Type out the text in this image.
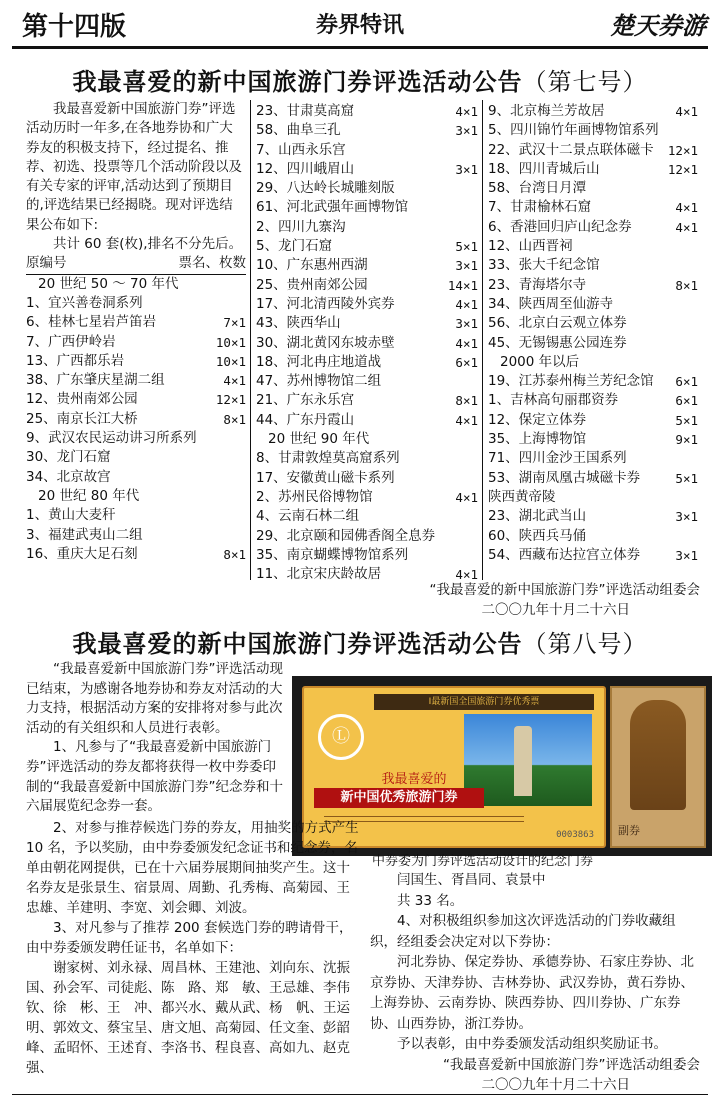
第十四版	券界特讯	楚天券游
我最喜爱的新中国旅游门券评选活动公告（第七号）

我最喜爱新中国旅游门券”评选活动历时一年多,在各地券协和广大券友的积极支持下，经过提名、推荐、初选、投票等几个活动阶段以及有关专家的评审,活动达到了预期目的,评选结果已经揭晓。现对评选结果公布如下:

共计 60 套(枚),排名不分先后。

原编号	票名、枚数
20 世纪 50 ～ 70 年代
1、宜兴善卷洞系列
6、桂林七星岩芦笛岩	7×1
7、广西伊岭岩	10×1
13、广西都乐岩	10×1
38、广东肇庆星湖二组	4×1
12、贵州南郊公园	12×1
25、南京长江大桥	8×1
9、武汉农民运动讲习所系列
30、龙门石窟
34、北京故宫
20 世纪 80 年代
1、黄山大麦秆
3、福建武夷山二组
16、重庆大足石刻	8×1
23、甘肃莫高窟	4×1
58、曲阜三孔	3×1
7、山西永乐宫
12、四川峨眉山	3×1
29、八达岭长城雕刻版
61、河北武强年画博物馆
2、四川九寨沟
5、龙门石窟	5×1
10、广东惠州西湖	3×1
25、贵州南郊公园	14×1
17、河北清西陵外宾券	4×1
43、陕西华山	3×1
30、湖北黄冈东坡赤壁	4×1
18、河北冉庄地道战	6×1
47、苏州博物馆二组
21、广东永乐宫	8×1
44、广东丹霞山	4×1
20 世纪 90 年代
8、甘肃敦煌莫高窟系列
17、安徽黄山磁卡系列
2、苏州民俗博物馆	4×1
4、云南石林二组
29、北京颐和园佛香阁全息券
35、南京蝴蝶博物馆系列
11、北京宋庆龄故居	4×1
9、北京梅兰芳故居	4×1
5、四川锦竹年画博物馆系列
22、武汉十二景点联体磁卡 12×1
18、四川青城后山	12×1
58、台湾日月潭
7、甘肃榆林石窟	4×1
6、香港回归庐山纪念券	4×1
12、山西晋祠
33、张大千纪念馆
23、青海塔尔寺	8×1
34、陕西周至仙游寺
56、北京白云观立体券
45、无锡锡惠公园连券
2000 年以后
19、江苏泰州梅兰芳纪念馆 6×1
1、吉林高句丽郡资券	6×1
12、保定立体券	5×1
35、上海博物馆	9×1
71、四川金沙王国系列
53、湖南凤凰古城磁卡券	5×1
陕西黄帝陵
23、湖北武当山	3×1
60、陕西兵马俑
54、西藏布达拉宫立体券	3×1
“我最喜爱的新中国旅游门券”评选活动组委会
二〇〇九年十月二十六日
我最喜爱的新中国旅游门券评选活动公告（第八号）

“我最喜爱新中国旅游门券”评选活动现已结束，为感谢各地券协和券友对活动的大力支持，根据活动方案的安排将对参与此次活动的有关组织和人员进行表彰。

1、凡参与了“我最喜爱新中国旅游门券”评选活动的券友都将获得一枚中券委印制的“我最喜爱新中国旅游门券”纪念券和十六届展览纪念券一套。

Ⅰ最新国全国旅游门券优秀票
Ⓛ
我最喜爱的
新中国优秀旅游门券
0003863 副券

2、对参与推荐候选门券的券友，用抽奖的方式产生 10 名，予以奖励，由中券委颁发纪念证书和纪念券，名单由朝花网提供，已在十六届券展期间抽奖产生。这十名券友是张景生、宿景周、周勤、孔秀梅、高菊园、王忠雄、羊建明、李宽、刘会卿、刘波。

3、对凡参与了推荐 200 套候选门券的聘请骨干，由中券委颁发聘任证书，名单如下：

谢家树、刘永禄、周昌林、王建池、刘向东、沈振国、孙会军、司徒彪、陈　路、郑　敏、王忌雄、李伟钦、徐　彬、王　冲、都兴水、戴从武、杨　帆、王运明、郭效文、蔡宝呈、唐文旭、高菊园、任文奎、彭韶峰、孟昭怀、王述育、李洛书、程良喜、高如九、赵克强、

中券委为门券评选活动设计的纪念门券

闫国生、胥昌同、袁景中

共 33 名。

4、对积极组织参加这次评选活动的门券收藏组织，经组委会决定对以下券协：

河北券协、保定券协、承德券协、石家庄券协、北京券协、天津券协、吉林券协、武汉券协，黄石券协、上海券协、云南券协、陕西券协、四川券协、广东券协、山西券协，浙江券协。

予以表彰，由中券委颁发活动组织奖励证书。

“我最喜爱新中国旅游门券”评选活动组委会
二〇〇九年十月二十六日
